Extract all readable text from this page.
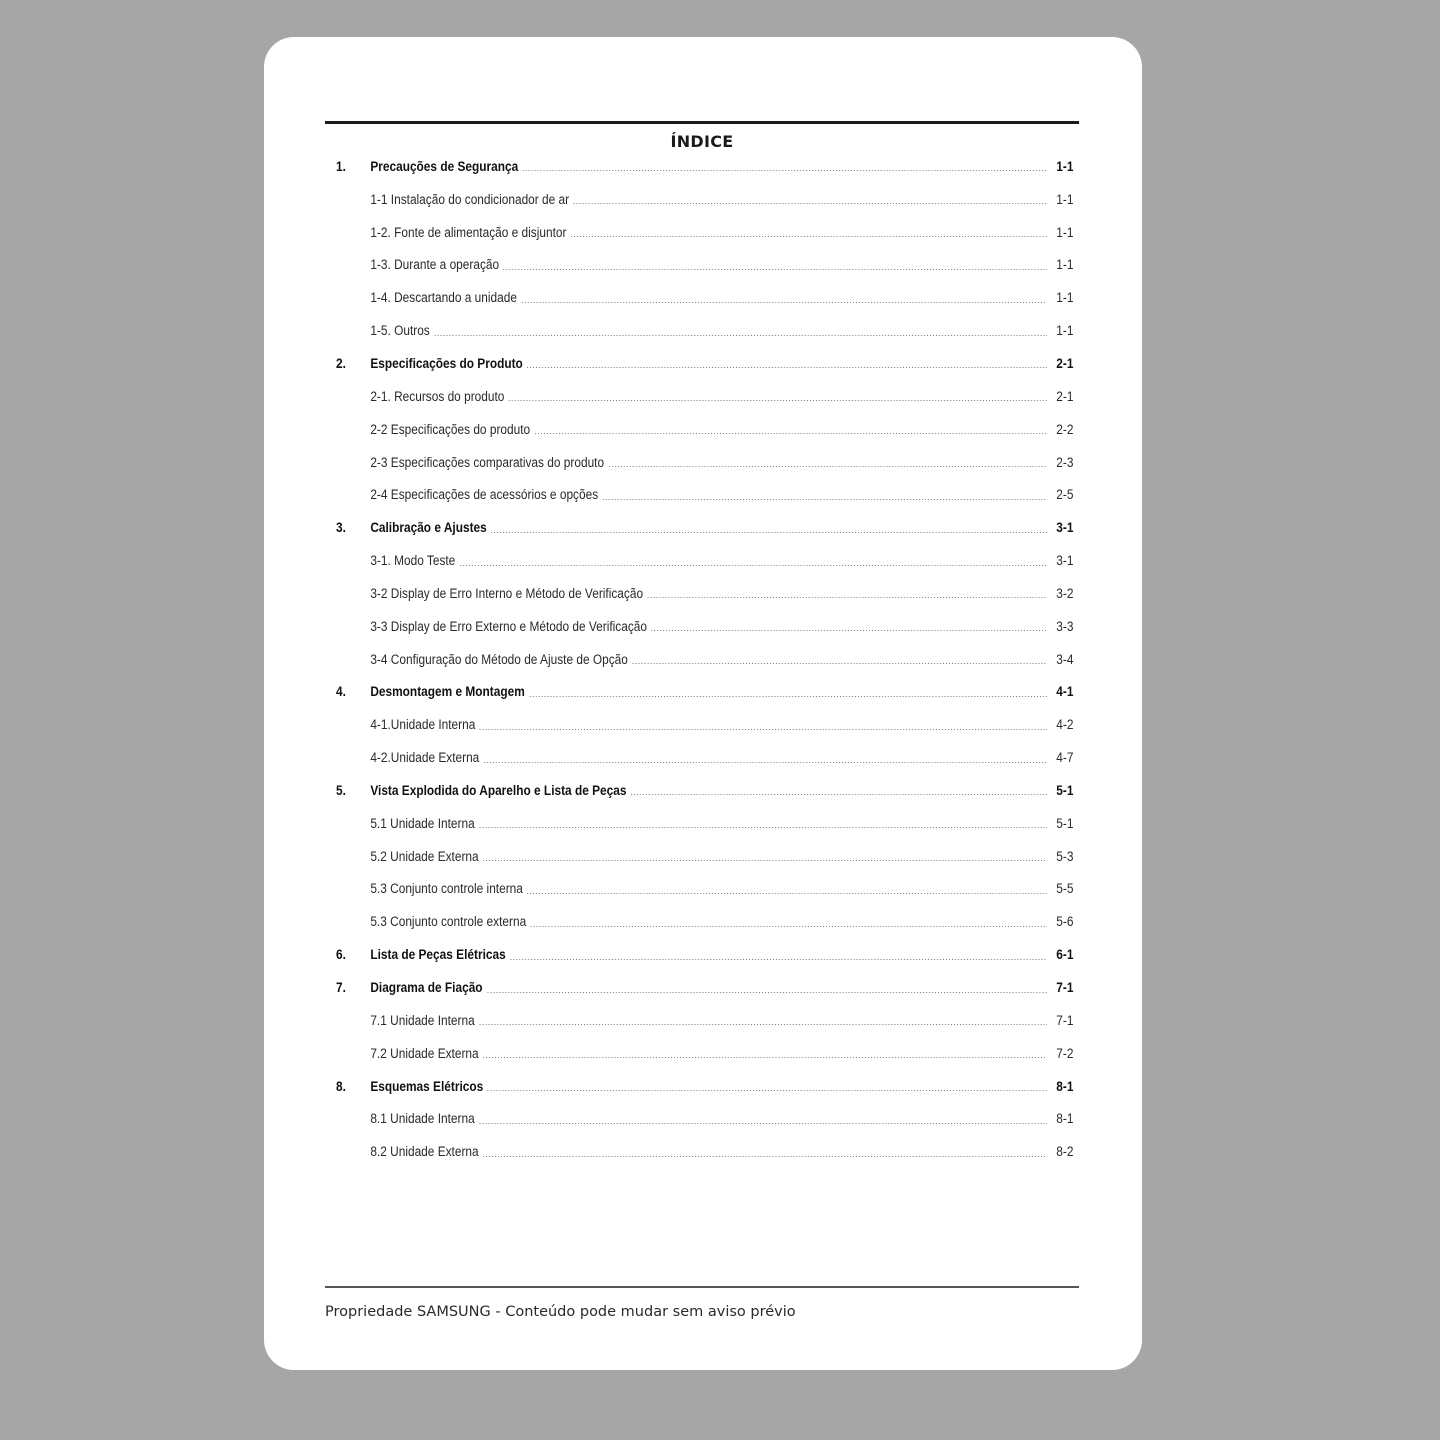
ÍNDICE
1.	Precauções de Segurança	1-1
1-1 Instalação do condicionador de ar	1-1
1-2. Fonte de alimentação e disjuntor	1-1
1-3. Durante a operação	1-1
1-4. Descartando a unidade	1-1
1-5. Outros	1-1
2.	Especificações do Produto	2-1
2-1. Recursos do produto	2-1
2-2 Especificações do produto	2-2
2-3 Especificações comparativas do produto	2-3
2-4 Especificações de acessórios e opções	2-5
3.	Calibração e Ajustes	3-1
3-1. Modo Teste	3-1
3-2 Display de Erro Interno e Método de Verificação	3-2
3-3 Display de Erro Externo e Método de Verificação	3-3
3-4 Configuração do Método de Ajuste de Opção	3-4
4.	Desmontagem e Montagem	4-1
4-1.Unidade Interna	4-2
4-2.Unidade Externa	4-7
5.	Vista Explodida do Aparelho e Lista de Peças	5-1
5.1 Unidade Interna	5-1
5.2 Unidade Externa	5-3
5.3 Conjunto controle interna	5-5
5.3 Conjunto controle externa	5-6
6.	Lista de Peças Elétricas	6-1
7.	Diagrama de Fiação	7-1
7.1 Unidade Interna	7-1
7.2 Unidade Externa	7-2
8.	Esquemas Elétricos	8-1
8.1 Unidade Interna	8-1
8.2 Unidade Externa	8-2
Propriedade SAMSUNG - Conteúdo pode mudar sem aviso prévio
